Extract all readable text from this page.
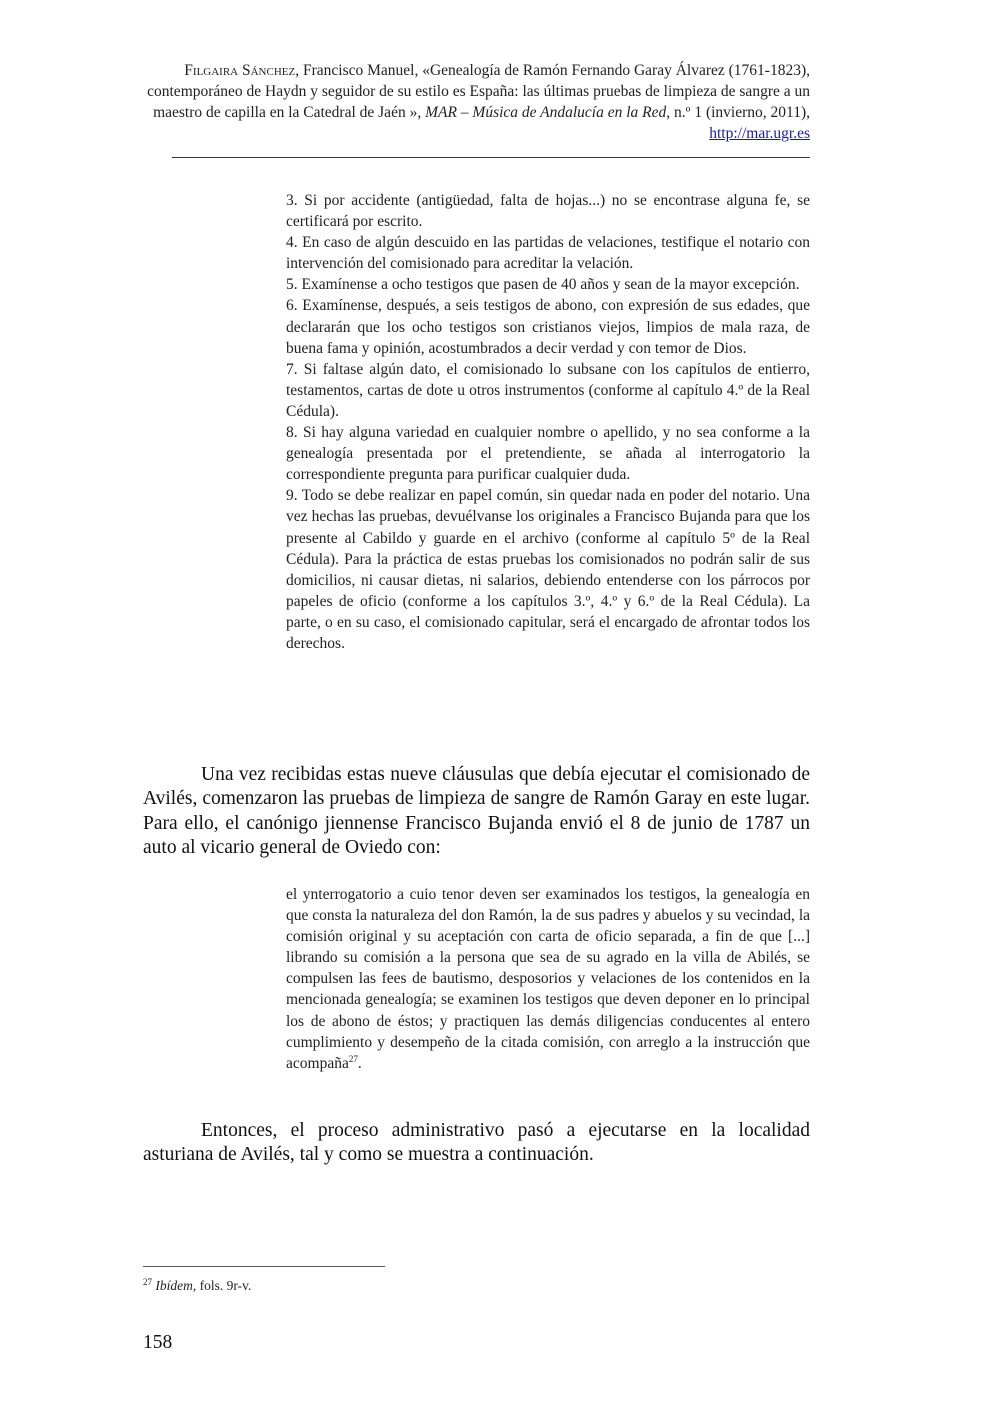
Filgaira Sánchez, Francisco Manuel, «Genealogía de Ramón Fernando Garay Álvarez (1761-1823), contemporáneo de Haydn y seguidor de su estilo es España: las últimas pruebas de limpieza de sangre a un maestro de capilla en la Catedral de Jaén », MAR – Música de Andalucía en la Red, n.º 1 (invierno, 2011), http://mar.ugr.es

3. Si por accidente (antigüedad, falta de hojas...) no se encontrase alguna fe, se certificará por escrito.

4. En caso de algún descuido en las partidas de velaciones, testifique el notario con intervención del comisionado para acreditar la velación.

5. Examínense a ocho testigos que pasen de 40 años y sean de la mayor excepción.

6. Examínense, después, a seis testigos de abono, con expresión de sus edades, que declararán que los ocho testigos son cristianos viejos, limpios de mala raza, de buena fama y opinión, acostumbrados a decir verdad y con temor de Dios.

7. Si faltase algún dato, el comisionado lo subsane con los capítulos de entierro, testamentos, cartas de dote u otros instrumentos (conforme al capítulo 4.º de la Real Cédula).

8. Si hay alguna variedad en cualquier nombre o apellido, y no sea conforme a la genealogía presentada por el pretendiente, se añada al interrogatorio la correspondiente pregunta para purificar cualquier duda.

9. Todo se debe realizar en papel común, sin quedar nada en poder del notario. Una vez hechas las pruebas, devuélvanse los originales a Francisco Bujanda para que los presente al Cabildo y guarde en el archivo (conforme al capítulo 5º de la Real Cédula). Para la práctica de estas pruebas los comisionados no podrán salir de sus domicilios, ni causar dietas, ni salarios, debiendo entenderse con los párrocos por papeles de oficio (conforme a los capítulos 3.º, 4.º y 6.º de la Real Cédula). La parte, o en su caso, el comisionado capitular, será el encargado de afrontar todos los derechos.

Una vez recibidas estas nueve cláusulas que debía ejecutar el comisionado de Avilés, comenzaron las pruebas de limpieza de sangre de Ramón Garay en este lugar. Para ello, el canónigo jiennense Francisco Bujanda envió el 8 de junio de 1787 un auto al vicario general de Oviedo con:
el ynterrogatorio a cuio tenor deven ser examinados los testigos, la genealogía en que consta la naturaleza del don Ramón, la de sus padres y abuelos y su vecindad, la comisión original y su aceptación con carta de oficio separada, a fin de que [...] librando su comisión a la persona que sea de su agrado en la villa de Abilés, se compulsen las fees de bautismo, desposorios y velaciones de los contenidos en la mencionada genealogía; se examinen los testigos que deven deponer en lo principal los de abono de éstos; y practiquen las demás diligencias conducentes al entero cumplimiento y desempeño de la citada comisión, con arreglo a la instrucción que acompaña$^{27}$.
Entonces, el proceso administrativo pasó a ejecutarse en la localidad asturiana de Avilés, tal y como se muestra a continuación.
$^{27}$ Ibídem, fols. 9r-v.
158
